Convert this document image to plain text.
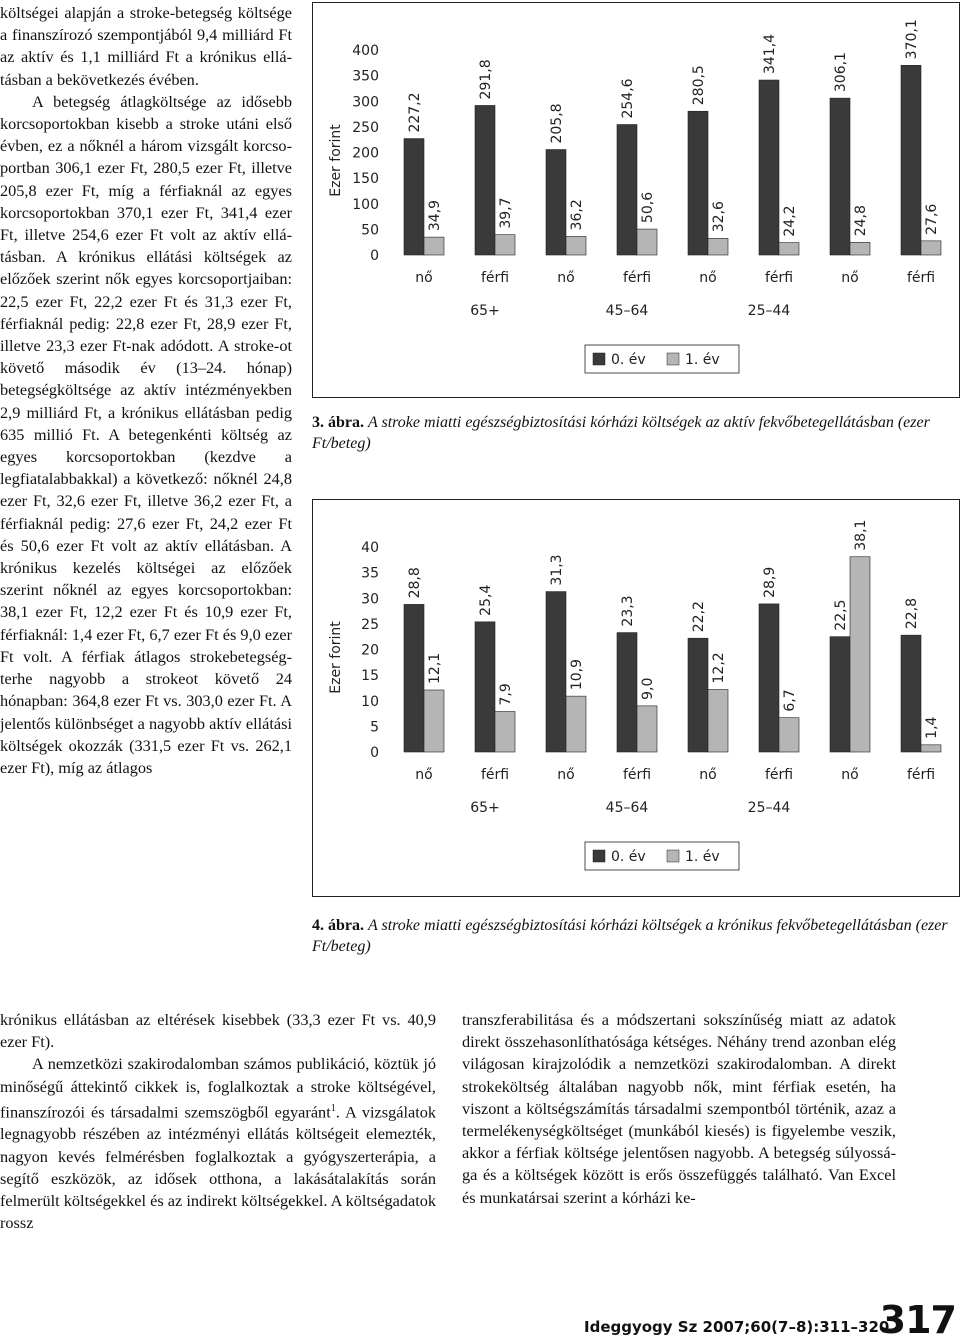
költségei alapján a stroke-betegség költsége a finanszírozó szempontjából 9,4 milliárd Ft az aktív és 1,1 milliárd Ft a krónikus ellátásban a bekövetkezés évében.

A betegség átlagköltsége az idősebb korcsoportokban kisebb a stroke utáni első évben, ez a nőknél a három vizsgált korcsoportban 306,1 ezer Ft, 280,5 ezer Ft, illetve 205,8 ezer Ft, míg a férfiaknál az egyes korcsoportokban 370,1 ezer Ft, 341,4 ezer Ft, illetve 254,6 ezer Ft volt az aktív ellátásban. A krónikus ellátási költségek az előzőek szerint nők egyes korcsoportjaiban: 22,5 ezer Ft, 22,2 ezer Ft és 31,3 ezer Ft, férfiaknál pedig: 22,8 ezer Ft, 28,9 ezer Ft, illetve 23,3 ezer Ft-nak adódott. A stroke-ot követő második év (13–24. hónap) betegségköltsége az aktív intézményekben 2,9 milliárd Ft, a krónikus ellátásban pedig 635 millió Ft. A betegenkénti költség az egyes korcsoportokban (kezdve a legfiatalabbakkal) a következő: nőknél 24,8 ezer Ft, 32,6 ezer Ft, illetve 36,2 ezer Ft, a férfiaknál pedig: 27,6 ezer Ft, 24,2 ezer Ft és 50,6 ezer Ft volt az aktív ellátásban. A krónikus kezelés költségei az előzőek szerint nőknél az egyes korcsoportokban: 38,1 ezer Ft, 12,2 ezer Ft és 10,9 ezer Ft, férfiaknál: 1,4 ezer Ft, 6,7 ezer Ft és 9,0 ezer Ft volt. A férfiak átlagos strokebetegség-terhe nagyobb a strokeot követő 24 hónapban: 364,8 ezer Ft vs. 303,0 ezer Ft. A jelentős különbséget a nagyobb aktív ellátási költségek okozzák (331,5 ezer Ft vs. 262,1 ezer Ft), míg az átlagos

Ezer forint
0
50
100
150
200
250
300
350
400
227,2
34,9
nő
291,8
39,7
férfi
205,8
36,2
nő
254,6
50,6
férfi
280,5
32,6
nő
341,4
24,2
férfi
306,1
24,8
nő
370,1
27,6
férfi
65+	45–64	25–44
0. év	1. év
3. ábra. A stroke miatti egészségbiztosítási kórházi költségek az aktív fekvőbetegellátásban (ezer Ft/beteg)
Ezer forint
0
5
10
15
20
25
30
35
40
28,8
12,1
nő
25,4
7,9
férfi
31,3
10,9
nő
23,3
9,0
férfi
22,2
12,2
nő
28,9
6,7
férfi
22,5
38,1
nő
22,8
1,4
férfi
65+	45–64	25–44
0. év	1. év
4. ábra. A stroke miatti egészségbiztosítási kórházi költségek a krónikus fekvőbetegellátásban (ezer Ft/beteg)

krónikus ellátásban az eltérések kisebbek (33,3 ezer Ft vs. 40,9 ezer Ft).

A nemzetközi szakirodalomban számos publikáció, köztük jó minőségű áttekintő cikkek is, foglalkoztak a stroke költségével, finanszírozói és társadalmi szemszögből egyaránt$^1$. A vizsgálatok legnagyobb részében az intézményi ellátás költségeit elemezték, nagyon kevés felmérésben foglalkoztak a gyógyszerterápia, a segítő eszközök, az idősek otthona, a lakásátalakítás során felmerült költségekkel és az indirekt költségekkel. A költségadatok rossz

transzferabilitása és a módszertani sokszínűség miatt az adatok direkt összehasonlíthatósága kétséges. Néhány trend azonban elég világosan kirajzolódik a nemzetközi szakirodalomban. A direkt strokeköltség általában nagyobb nők, mint férfiak esetén, ha viszont a költségszámítás társadalmi szempontból történik, azaz a termelékenységköltséget (munkából kiesés) is figyelembe veszik, akkor a férfiak költsége jelentősen nagyobb. A betegség súlyossága és a költségek között is erős összefüggés található. Van Excel és munkatársai szerint a kórházi ke-

Ideggyogy Sz 2007;60(7–8):311–320.
317
